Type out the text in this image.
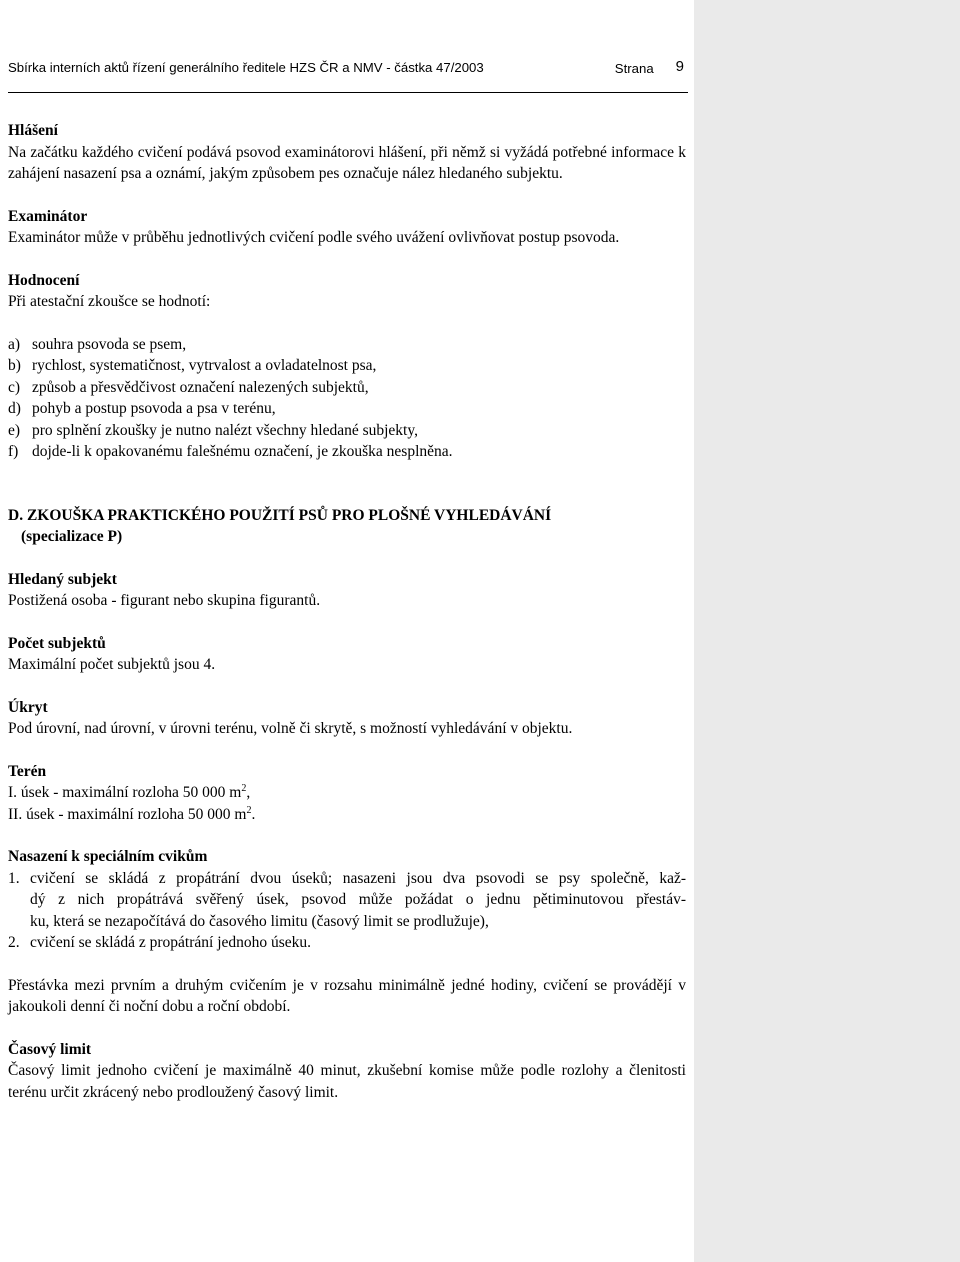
Sbírka interních aktů řízení generálního ředitele HZS ČR a NMV - částka 47/2003	Strana 9
Hlášení

Na začátku každého cvičení podává psovod examinátorovi hlášení, při němž si vyžádá potřebné informace k zahájení nasazení psa a oznámí, jakým způsobem pes označuje nález hledaného subjektu.

Examinátor

Examinátor může v průběhu jednotlivých cvičení podle svého uvážení ovlivňovat postup psovoda.

Hodnocení

Při atestační zkoušce se hodnotí:

a) souhra psovoda se psem,
b) rychlost, systematičnost, vytrvalost a ovladatelnost psa,
c) způsob a přesvědčivost označení nalezených subjektů,
d) pohyb a postup psovoda a psa v terénu,
e) pro splnění zkoušky je nutno nalézt všechny hledané subjekty,
f) dojde-li k opakovanému falešnému označení, je zkouška nesplněna.

D. ZKOUŠKA PRAKTICKÉHO POUŽITÍ PSŮ PRO PLOŠNÉ VYHLEDÁVÁNÍ

(specializace P)

Hledaný subjekt

Postižená osoba - figurant nebo skupina figurantů.

Počet subjektů

Maximální počet subjektů jsou 4.

Úkryt

Pod úrovní, nad úrovní, v úrovni terénu, volně či skrytě, s možností vyhledávání v objektu.

Terén

I. úsek - maximální rozloha 50 000 $m^2$,

II. úsek - maximální rozloha 50 000 $m^2$.

Nasazení k speciálním cvikům
1. cvičení se skládá z propátrání dvou úseků; nasazeni jsou dva psovodi se psy společně, kaž-

dý z nich propátrává svěřený úsek, psovod může požádat o jednu pětiminutovou přestáv-

ku, která se nezapočítává do časového limitu (časový limit se prodlužuje),

2. cvičení se skládá z propátrání jednoho úseku.

Přestávka mezi prvním a druhým cvičením je v rozsahu minimálně jedné hodiny, cvičení se provádějí v jakoukoli denní či noční dobu a roční období.

Časový limit

Časový limit jednoho cvičení je maximálně 40 minut, zkušební komise může podle rozlohy a členitosti terénu určit zkrácený nebo prodloužený časový limit.
